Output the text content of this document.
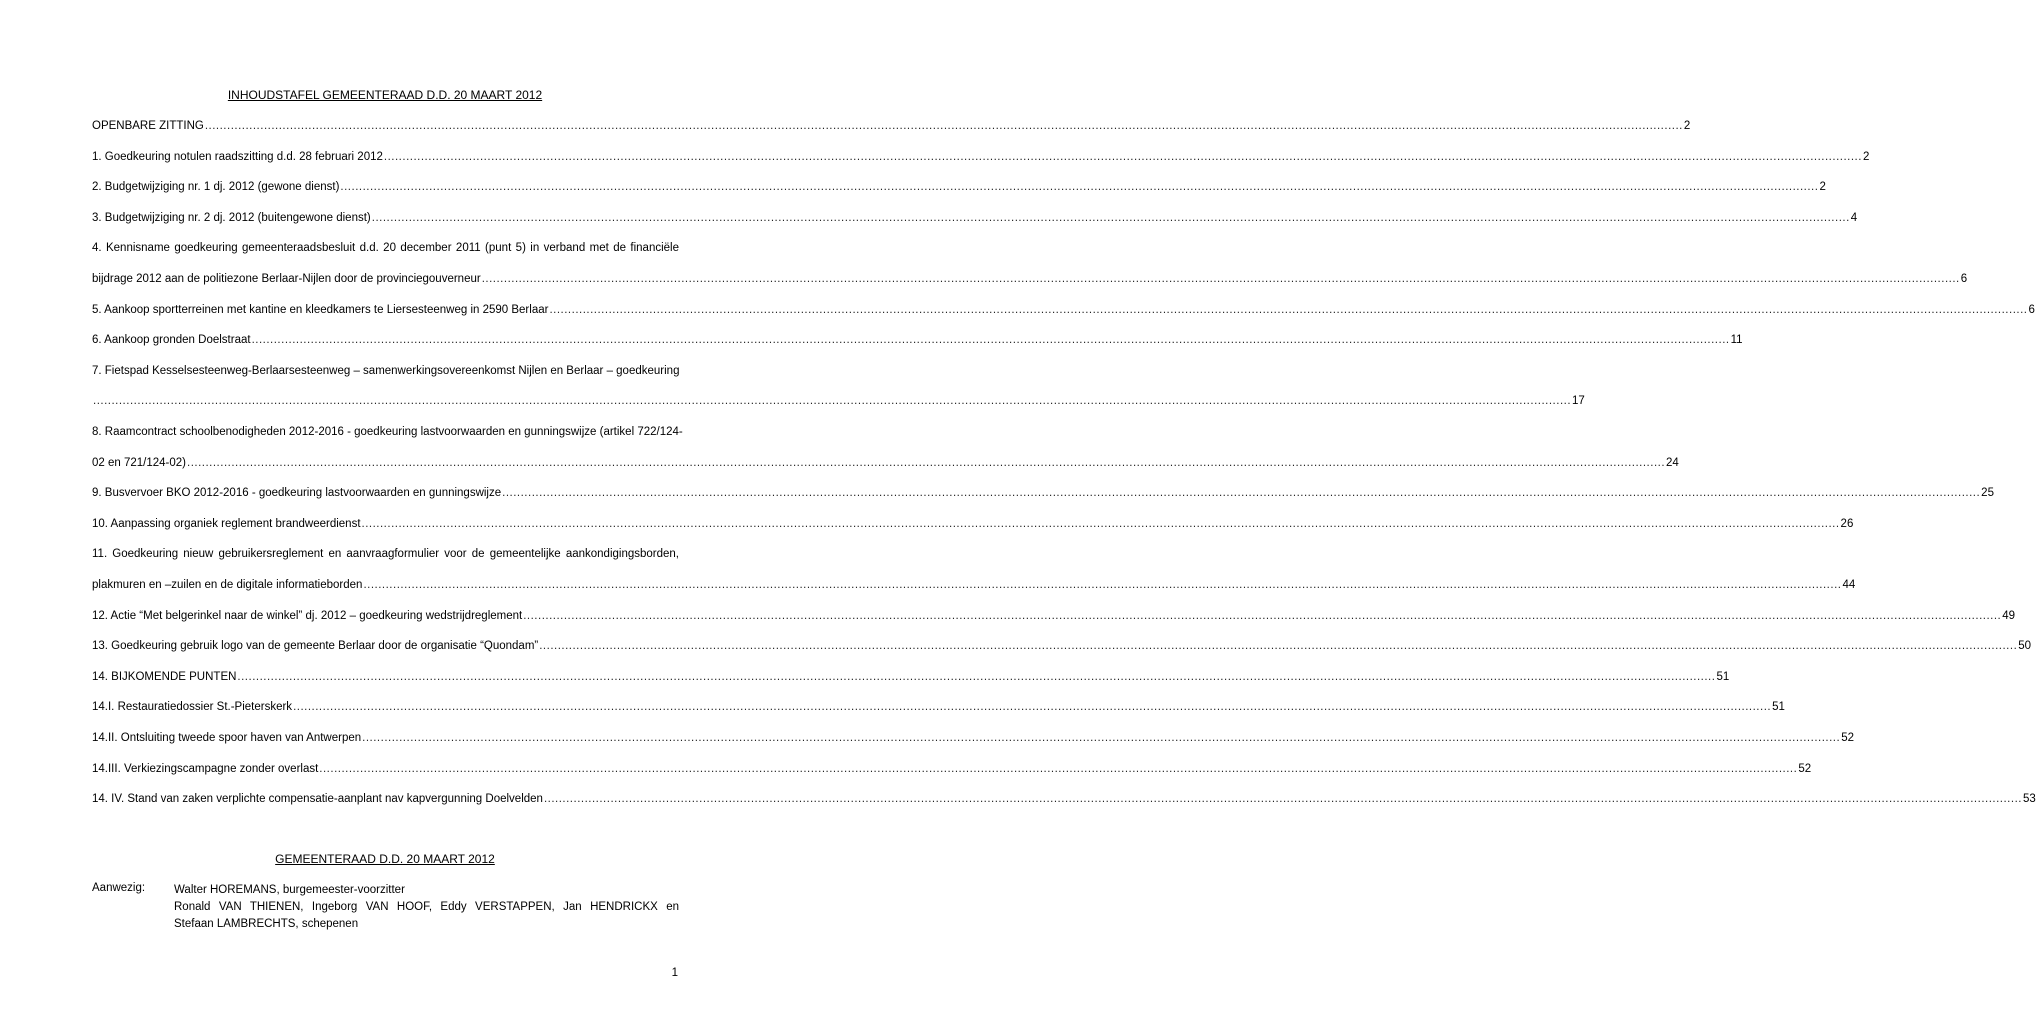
INHOUDSTAFEL GEMEENTERAAD D.D. 20 MAART 2012
OPENBARE ZITTING ................................................................................................................................................................................................................................................................................................................................................................................................................ 2
1. Goedkeuring notulen raadszitting d.d. 28 februari 2012 ................................................................................................................................................................................................................................................................................................................................................................................................................ 2
2. Budgetwijziging nr. 1 dj. 2012 (gewone dienst) ................................................................................................................................................................................................................................................................................................................................................................................................................ 2
3. Budgetwijziging nr. 2 dj. 2012 (buitengewone dienst) ................................................................................................................................................................................................................................................................................................................................................................................................................ 4
4. Kennisname goedkeuring gemeenteraadsbesluit d.d. 20 december 2011 (punt 5) in verband met de financiële
bijdrage 2012 aan de politiezone Berlaar-Nijlen door de provinciegouverneur ................................................................................................................................................................................................................................................................................................................................................................................................................ 6
5. Aankoop sportterreinen met kantine en kleedkamers te Liersesteenweg in 2590 Berlaar ................................................................................................................................................................................................................................................................................................................................................................................................................ 6
6. Aankoop gronden Doelstraat ................................................................................................................................................................................................................................................................................................................................................................................................................ 11
7. Fietspad Kesselsesteenweg-Berlaarsesteenweg – samenwerkingsovereenkomst Nijlen en Berlaar – goedkeuring
................................................................................................................................................................................................................................................................................................................................................................................................................ 17
8. Raamcontract schoolbenodigheden 2012-2016 - goedkeuring lastvoorwaarden en gunningswijze (artikel 722/124-
02 en 721/124-02) ................................................................................................................................................................................................................................................................................................................................................................................................................ 24
9. Busvervoer BKO 2012-2016 - goedkeuring lastvoorwaarden en gunningswijze ................................................................................................................................................................................................................................................................................................................................................................................................................ 25
10. Aanpassing organiek reglement brandweerdienst ................................................................................................................................................................................................................................................................................................................................................................................................................ 26
11. Goedkeuring nieuw gebruikersreglement en aanvraagformulier voor de gemeentelijke aankondigingsborden,
plakmuren en –zuilen en de digitale informatieborden ................................................................................................................................................................................................................................................................................................................................................................................................................ 44
12. Actie “Met belgerinkel naar de winkel” dj. 2012 – goedkeuring wedstrijdreglement ................................................................................................................................................................................................................................................................................................................................................................................................................ 49
13. Goedkeuring gebruik logo van de gemeente Berlaar door de organisatie “Quondam” ................................................................................................................................................................................................................................................................................................................................................................................................................ 50
14. BIJKOMENDE PUNTEN ................................................................................................................................................................................................................................................................................................................................................................................................................ 51
14.I. Restauratiedossier St.-Pieterskerk ................................................................................................................................................................................................................................................................................................................................................................................................................ 51
14.II. Ontsluiting tweede spoor haven van Antwerpen ................................................................................................................................................................................................................................................................................................................................................................................................................ 52
14.III. Verkiezingscampagne zonder overlast ................................................................................................................................................................................................................................................................................................................................................................................................................ 52
14. IV. Stand van zaken verplichte compensatie-aanplant nav kapvergunning Doelvelden ................................................................................................................................................................................................................................................................................................................................................................................................................ 53
GEMEENTERAAD D.D. 20 MAART 2012
Aanwezig:	Walter HOREMANS, burgemeester-voorzitter
Ronald VAN THIENEN, Ingeborg VAN HOOF, Eddy VERSTAPPEN, Jan HENDRICKX en
Stefaan LAMBRECHTS, schepenen
1
